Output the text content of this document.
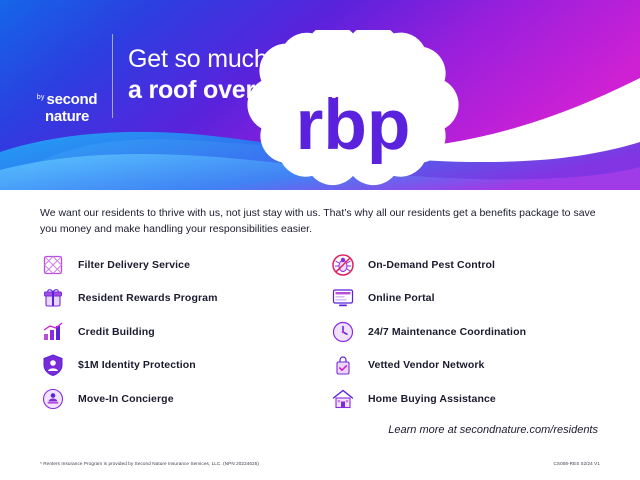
rbp
by second
nature
Get so much more than just
a roof over your head.

We want our residents to thrive with us, not just stay with us. That’s why all our residents get a benefits package to save you money and make handling your responsibilities easier.

Filter Delivery Service
Resident Rewards Program
Credit Building
$1M Identity Protection
Move-In Concierge
On-Demand Pest Control
Online Portal
24/7 Maintenance Coordination
Vetted Vendor Network
Home Buying Assistance
Learn more at secondnature.com/residents
* Renters Insurance Program is provided by Second Nature Insurance Services, LLC. (NPN 20224625)	CS008-RES 02/24 V1
